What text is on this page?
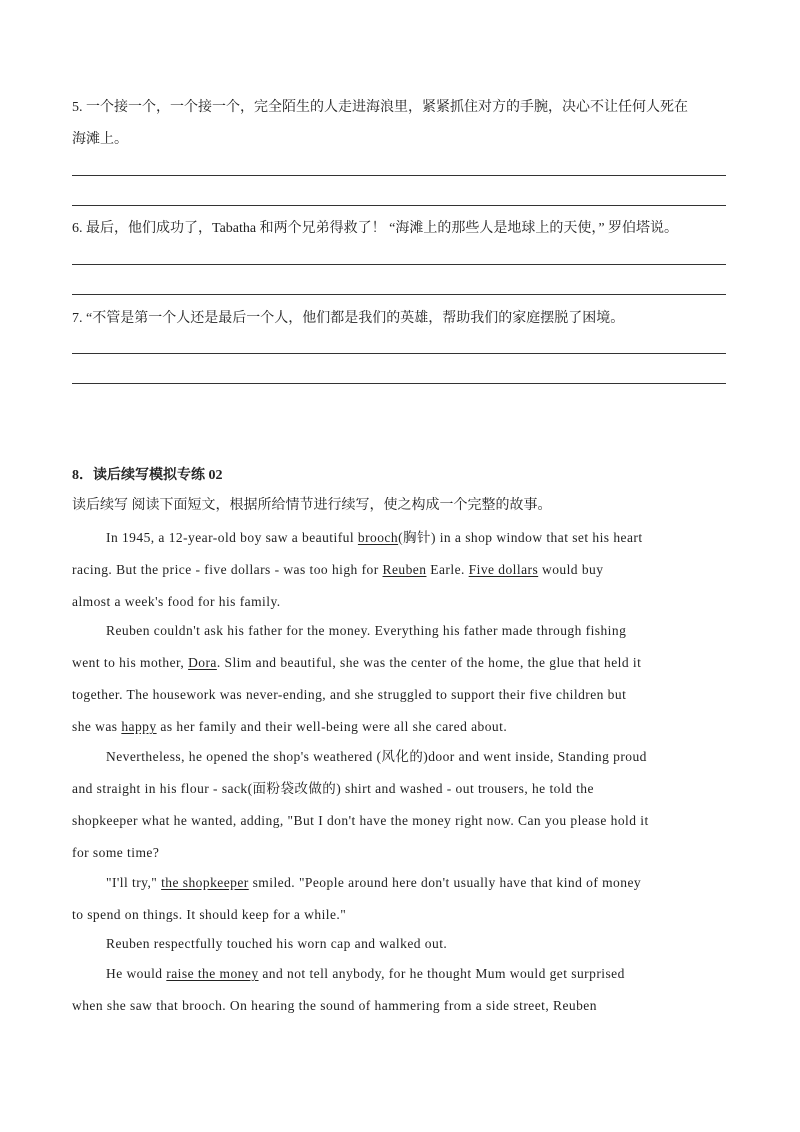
5. 一个接一个，一个接一个，完全陌生的人走进海浪里，紧紧抓住对方的手腕，决心不让任何人死在
海滩上。
6. 最后，他们成功了，Tabatha 和两个兄弟得救了！ “海滩上的那些人是地球上的天使，” 罗伯塔说。
7. “不管是第一个人还是最后一个人，他们都是我们的英雄，帮助我们的家庭摆脱了困境。
8．读后续写模拟专练 02
读后续写 阅读下面短文，根据所给情节进行续写，使之构成一个完整的故事。
In 1945, a 12-year-old boy saw a beautiful brooch(胸针) in a shop window that set his heart
racing. But the price - five dollars - was too high for Reuben Earle. Five dollars would buy
almost a week's food for his family.
Reuben couldn't ask his father for the money. Everything his father made through fishing
went to his mother, Dora. Slim and beautiful, she was the center of the home, the glue that held it
together. The housework was never-ending, and she struggled to support their five children but
she was happy as her family and their well-being were all she cared about.
Nevertheless, he opened the shop's weathered (风化的)door and went inside, Standing proud
and straight in his flour - sack(面粉袋改做的) shirt and washed - out trousers, he told the
shopkeeper what he wanted, adding, "But I don't have the money right now. Can you please hold it
for some time?
"I'll try," the shopkeeper smiled. "People around here don't usually have that kind of money
to spend on things. It should keep for a while."
Reuben respectfully touched his worn cap and walked out.
He would raise the money and not tell anybody, for he thought Mum would get surprised
when she saw that brooch. On hearing the sound of hammering from a side street, Reuben
